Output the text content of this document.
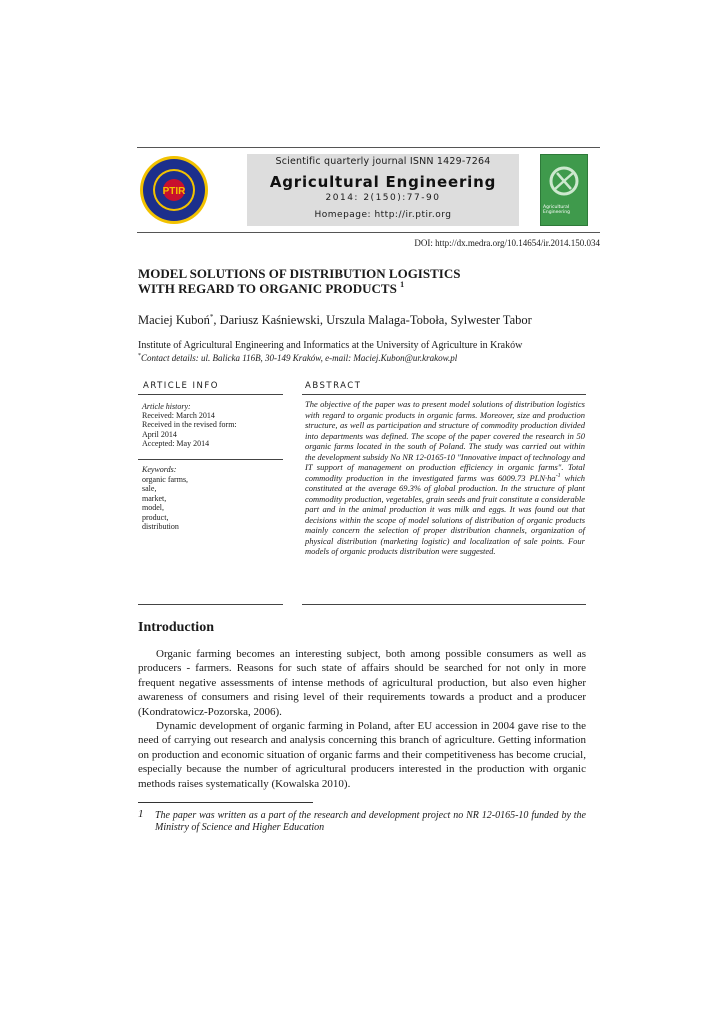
PTIR
Scientific quarterly journal ISNN 1429-7264
Agricultural Engineering
2014: 2(150):77-90
Homepage: http://ir.ptir.org
Agricultural Engineering
DOI: http://dx.medra.org/10.14654/ir.2014.150.034
MODEL SOLUTIONS OF DISTRIBUTION LOGISTICS
WITH REGARD TO ORGANIC PRODUCTS $^1$
Maciej Kuboń*, Dariusz Kaśniewski, Urszula Malaga-Toboła, Sylwester Tabor
Institute of Agricultural Engineering and Informatics at the University of Agriculture in Kraków
*Contact details: ul. Balicka 116B, 30-149 Kraków, e-mail: Maciej.Kubon@ur.krakow.pl
ARTICLE INFO	ABSTRACT
Article history:
Received: March 2014
Received in the revised form:
April 2014
Accepted: May 2014
Keywords:
organic farms,
sale,
market,
model,
product,
distribution
The objective of the paper was to present model solutions of distribution logistics with regard to organic products in organic farms. Moreover, size and production structure, as well as participation and structure of commodity production divided into departments was defined. The scope of the paper covered the research in 50 organic farms located in the south of Poland. The study was carried out within the development subsidy No NR 12-0165-10 "Innovative impact of technology and IT support of management on production efficiency in organic farms". Total commodity production in the investigated farms was 6009.73 $PLN\cdot ha^{-1}$ which constituted at the average 69.3% of global production. In the structure of plant commodity production, vegetables, grain seeds and fruit constitute a considerable part and in the animal production it was milk and eggs. It was found out that decisions within the scope of model solutions of distribution of organic products mainly concern the selection of proper distribution channels, organization of physical distribution (marketing logistic) and localization of sale points. Four models of organic products distribution were suggested.
Introduction
Organic farming becomes an interesting subject, both among possible consumers as well as producers - farmers. Reasons for such state of affairs should be searched for not only in more frequent negative assessments of intense methods of agricultural production, but also even higher awareness of consumers and rising level of their requirements towards a product and a producer (Kondratowicz-Pozorska, 2006).
Dynamic development of organic farming in Poland, after EU accession in 2004 gave rise to the need of carrying out research and analysis concerning this branch of agriculture. Getting information on production and economic situation of organic farms and their competitiveness has become crucial, especially because the number of agricultural producers interested in the production with organic methods raises systematically (Kowalska 2010).
1 The paper was written as a part of the research and development project no NR 12-0165-10 funded by the Ministry of Science and Higher Education
